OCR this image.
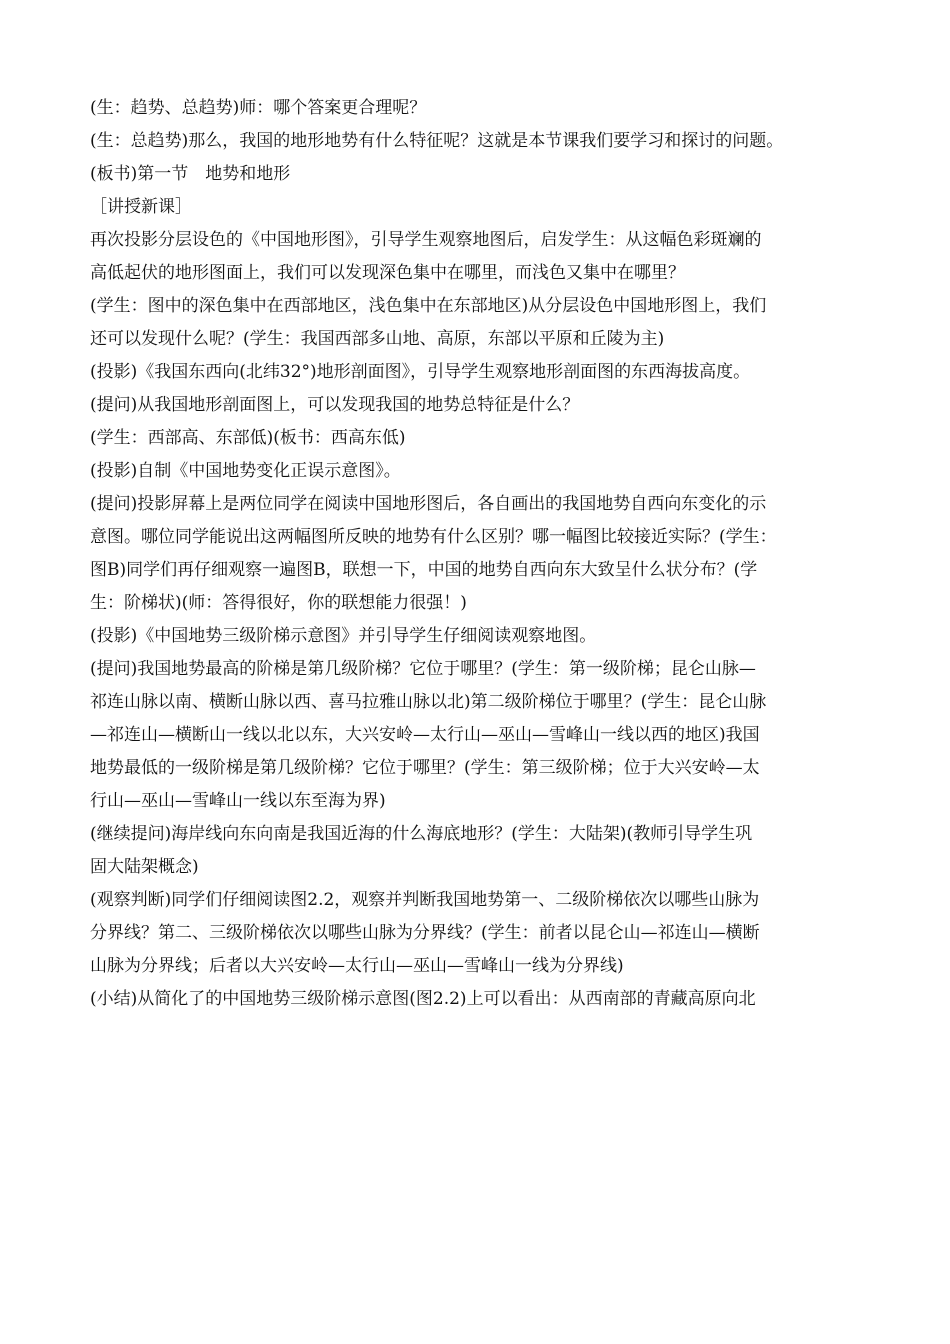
(生：趋势、总趋势)师：哪个答案更合理呢？
(生：总趋势)那么，我国的地形地势有什么特征呢？这就是本节课我们要学习和探讨的问题。
(板书)第一节　地势和地形
［讲授新课］
再次投影分层设色的《中国地形图》，引导学生观察地图后，启发学生：从这幅色彩斑斓的
高低起伏的地形图面上，我们可以发现深色集中在哪里，而浅色又集中在哪里？
(学生：图中的深色集中在西部地区，浅色集中在东部地区)从分层设色中国地形图上，我们
还可以发现什么呢？(学生：我国西部多山地、高原，东部以平原和丘陵为主)
(投影)《我国东西向(北纬32°)地形剖面图》，引导学生观察地形剖面图的东西海拔高度。
(提问)从我国地形剖面图上，可以发现我国的地势总特征是什么？
(学生：西部高、东部低)(板书：西高东低)
(投影)自制《中国地势变化正误示意图》。
(提问)投影屏幕上是两位同学在阅读中国地形图后，各自画出的我国地势自西向东变化的示
意图。哪位同学能说出这两幅图所反映的地势有什么区别？哪一幅图比较接近实际？(学生：
图B)同学们再仔细观察一遍图B，联想一下，中国的地势自西向东大致呈什么状分布？(学
生：阶梯状)(师：答得很好，你的联想能力很强！)
(投影)《中国地势三级阶梯示意图》并引导学生仔细阅读观察地图。
(提问)我国地势最高的阶梯是第几级阶梯？它位于哪里？(学生：第一级阶梯；昆仑山脉—
祁连山脉以南、横断山脉以西、喜马拉雅山脉以北)第二级阶梯位于哪里？(学生：昆仑山脉
—祁连山—横断山一线以北以东，大兴安岭—太行山—巫山—雪峰山一线以西的地区)我国
地势最低的一级阶梯是第几级阶梯？它位于哪里？(学生：第三级阶梯；位于大兴安岭—太
行山—巫山—雪峰山一线以东至海为界)
(继续提问)海岸线向东向南是我国近海的什么海底地形？(学生：大陆架)(教师引导学生巩
固大陆架概念)
(观察判断)同学们仔细阅读图2.2，观察并判断我国地势第一、二级阶梯依次以哪些山脉为
分界线？第二、三级阶梯依次以哪些山脉为分界线？(学生：前者以昆仑山—祁连山—横断
山脉为分界线；后者以大兴安岭—太行山—巫山—雪峰山一线为分界线)
(小结)从简化了的中国地势三级阶梯示意图(图2.2)上可以看出：从西南部的青藏高原向北
